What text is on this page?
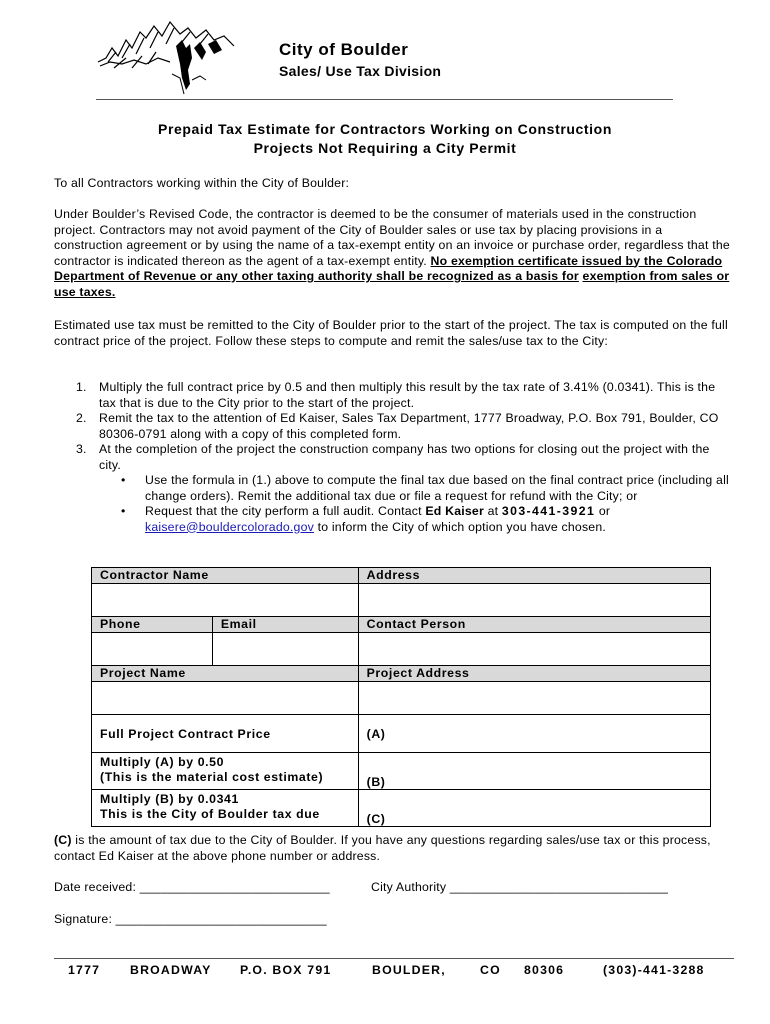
City of Boulder
Sales/ Use Tax Division
Prepaid Tax Estimate for Contractors Working on Construction
Projects Not Requiring a City Permit
To all Contractors working within the City of Boulder:
Under Boulder’s Revised Code, the contractor is deemed to be the consumer of materials used in the construction project. Contractors may not avoid payment of the City of Boulder sales or use tax by placing provisions in a construction agreement or by using the name of a tax-exempt entity on an invoice or purchase order, regardless that the contractor is indicated thereon as the agent of a tax-exempt entity. No exemption certificate issued by the Colorado Department of Revenue or any other taxing authority shall be recognized as a basis for exemption from sales or use taxes.
Estimated use tax must be remitted to the City of Boulder prior to the start of the project. The tax is computed on the full contract price of the project. Follow these steps to compute and remit the sales/use tax to the City:
1. Multiply the full contract price by 0.5 and then multiply this result by the tax rate of 3.41% (0.0341). This is the tax that is due to the City prior to the start of the project.
2. Remit the tax to the attention of Ed Kaiser, Sales Tax Department, 1777 Broadway, P.O. Box 791, Boulder, CO 80306-0791 along with a copy of this completed form.
3. At the completion of the project the construction company has two options for closing out the project with the city.
• Use the formula in (1.) above to compute the final tax due based on the final contract price (including all change orders). Remit the additional tax due or file a request for refund with the City; or
• Request that the city perform a full audit. Contact Ed Kaiser at 303-441-3921 or kaisere@bouldercolorado.gov to inform the City of which option you have chosen.
Contractor Name		Address

Phone	Email	Contact Person

Project Name		Project Address

Full Project Contract Price		(A)

Multiply (A) by 0.50
(This is the material cost estimate)		(B)

Multiply (B) by 0.0341
This is the City of Boulder tax due		(C)
(C) is the amount of tax due to the City of Boulder. If you have any questions regarding sales/use tax or this process, contact Ed Kaiser at the above phone number or address.
Date received: ___________________________	City Authority _______________________________
Signature: ______________________________
1777 BROADWAY P.O. BOX 791	BOULDER,	CO 80306	(303)-441-3288
